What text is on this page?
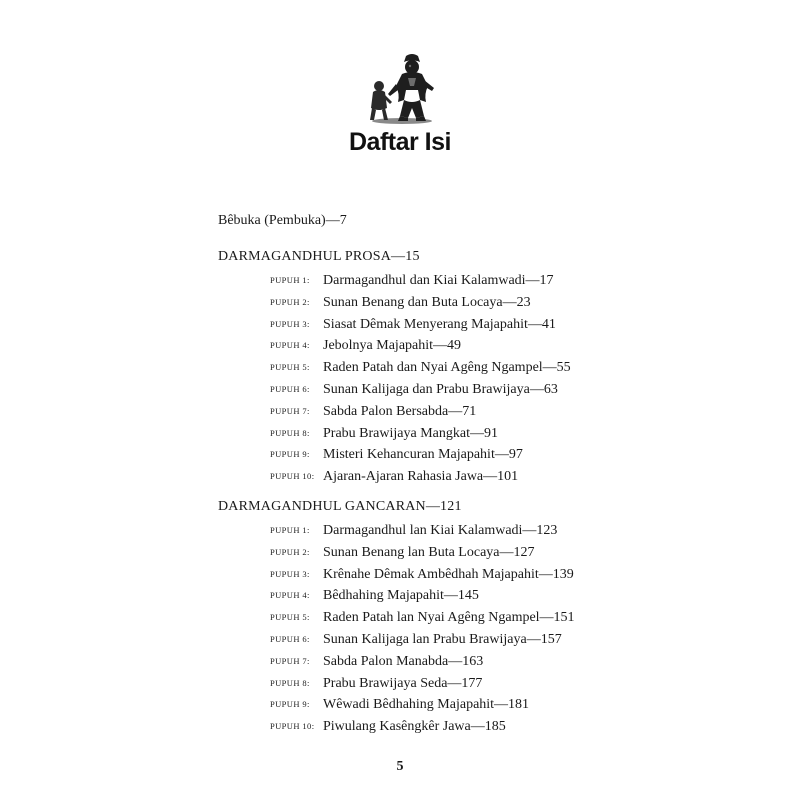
Daftar Isi
Bêbuka (Pembuka)—7
DARMAGANDHUL PROSA—15
PUPUH 1: Darmagandhul dan Kiai Kalamwadi—17
PUPUH 2: Sunan Benang dan Buta Locaya—23
PUPUH 3: Siasat Dêmak Menyerang Majapahit—41
PUPUH 4: Jebolnya Majapahit—49
PUPUH 5: Raden Patah dan Nyai Agêng Ngampel—55
PUPUH 6: Sunan Kalijaga dan Prabu Brawijaya—63
PUPUH 7: Sabda Palon Bersabda—71
PUPUH 8: Prabu Brawijaya Mangkat—91
PUPUH 9: Misteri Kehancuran Majapahit—97
PUPUH 10: Ajaran-Ajaran Rahasia Jawa—101
DARMAGANDHUL GANCARAN—121
PUPUH 1: Darmagandhul lan Kiai Kalamwadi—123
PUPUH 2: Sunan Benang lan Buta Locaya—127
PUPUH 3: Krênahe Dêmak Ambêdhah Majapahit—139
PUPUH 4: Bêdhahing Majapahit—145
PUPUH 5: Raden Patah lan Nyai Agêng Ngampel—151
PUPUH 6: Sunan Kalijaga lan Prabu Brawijaya—157
PUPUH 7: Sabda Palon Manabda—163
PUPUH 8: Prabu Brawijaya Seda—177
PUPUH 9: Wêwadi Bêdhahing Majapahit—181
PUPUH 10: Piwulang Kasêngkêr Jawa—185
5
